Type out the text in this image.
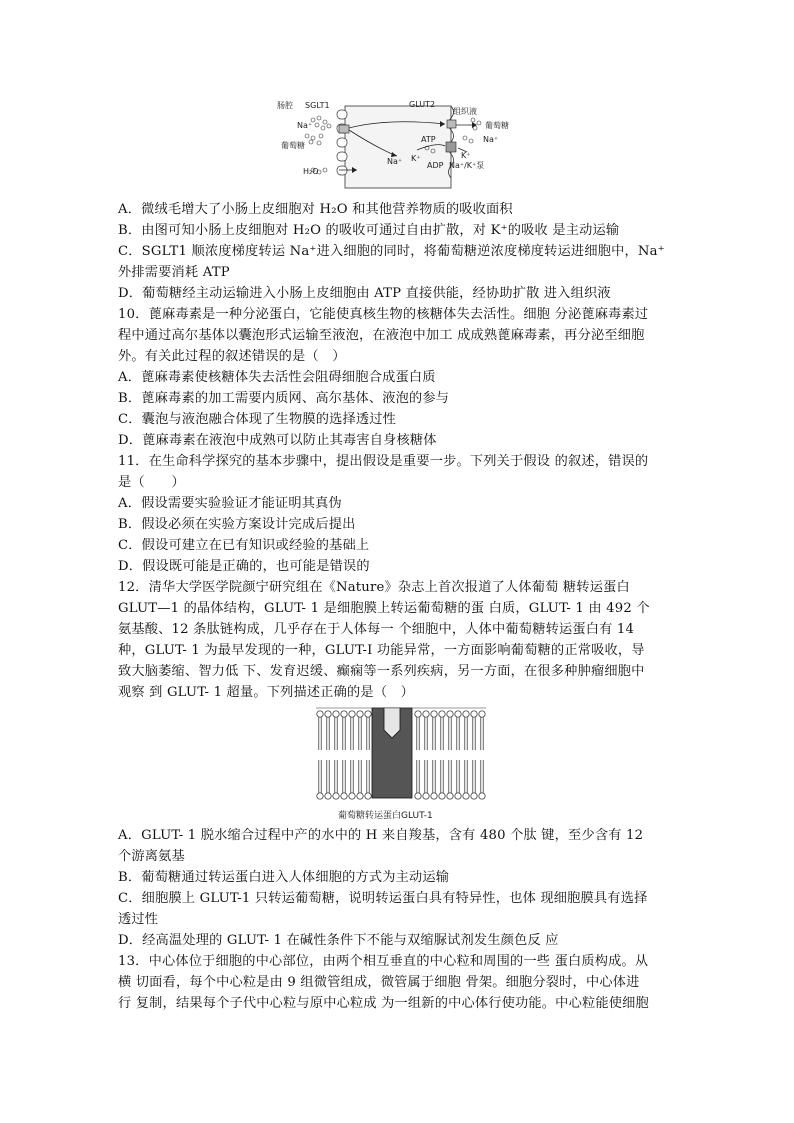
肠腔 SGLT1
Na⁺
葡萄糖
H₂O
GLUT2
组织液
葡萄糖
ATP	Na⁺
Na⁺ K⁺	K⁺
ADP Na⁺/K⁺泵
A．微绒毛增大了小肠上皮细胞对 H₂O 和其他营养物质的吸收面积
B．由图可知小肠上皮细胞对 H₂O 的吸收可通过自由扩散，对 K⁺的吸收 是主动运输
C．SGLT1 顺浓度梯度转运 Na⁺进入细胞的同时，将葡萄糖逆浓度梯度转运进细胞中，Na⁺
外排需要消耗 ATP
D．葡萄糖经主动运输进入小肠上皮细胞由 ATP 直接供能，经协助扩散 进入组织液
10．蓖麻毒素是一种分泌蛋白，它能使真核生物的核糖体失去活性。细胞 分泌蓖麻毒素过
程中通过高尔基体以囊泡形式运输至液泡，在液泡中加工 成成熟蓖麻毒素，再分泌至细胞
外。有关此过程的叙述错误的是（　）
A．蓖麻毒素使核糖体失去活性会阻碍细胞合成蛋白质
B．蓖麻毒素的加工需要内质网、高尔基体、液泡的参与
C．囊泡与液泡融合体现了生物膜的选择透过性
D．蓖麻毒素在液泡中成熟可以防止其毒害自身核糖体
11．在生命科学探究的基本步骤中，提出假设是重要一步。下列关于假设 的叙述，错误的
是（　　）
A．假设需要实验验证才能证明其真伪
B．假设必须在实验方案设计完成后提出
C．假设可建立在已有知识或经验的基础上
D．假设既可能是正确的，也可能是错误的
12．清华大学医学院颜宁研究组在《Nature》杂志上首次报道了人体葡萄 糖转运蛋白
GLUT—1 的晶体结构，GLUT- 1 是细胞膜上转运葡萄糖的蛋 白质，GLUT- 1 由 492 个
氨基酸、12 条肽链构成，几乎存在于人体每一 个细胞中，人体中葡萄糖转运蛋白有 14
种，GLUT- 1 为最早发现的一种，GLUT-I 功能异常，一方面影响葡萄糖的正常吸收，导
致大脑萎缩、智力低 下、发育迟缓、癫痫等一系列疾病，另一方面，在很多种肿瘤细胞中
观察 到 GLUT- 1 超量。下列描述正确的是（　）
A．GLUT- 1 脱水缩合过程中产的水中的 H 来自羧基，含有 480 个肽 键，至少含有 12
个游离氨基
B．葡萄糖通过转运蛋白进入人体细胞的方式为主动运输
C．细胞膜上 GLUT-1 只转运葡萄糖，说明转运蛋白具有特异性，也体 现细胞膜具有选择
透过性
D．经高温处理的 GLUT- 1 在碱性条件下不能与双缩脲试剂发生颜色反 应
13．中心体位于细胞的中心部位，由两个相互垂直的中心粒和周围的一些 蛋白质构成。从
横 切面看，每个中心粒是由 9 组微管组成，微管属于细胞 骨架。细胞分裂时，中心体进
行 复制，结果每个子代中心粒与原中心粒成 为一组新的中心体行使功能。中心粒能使细胞
葡萄糖转运蛋白GLUT-1
